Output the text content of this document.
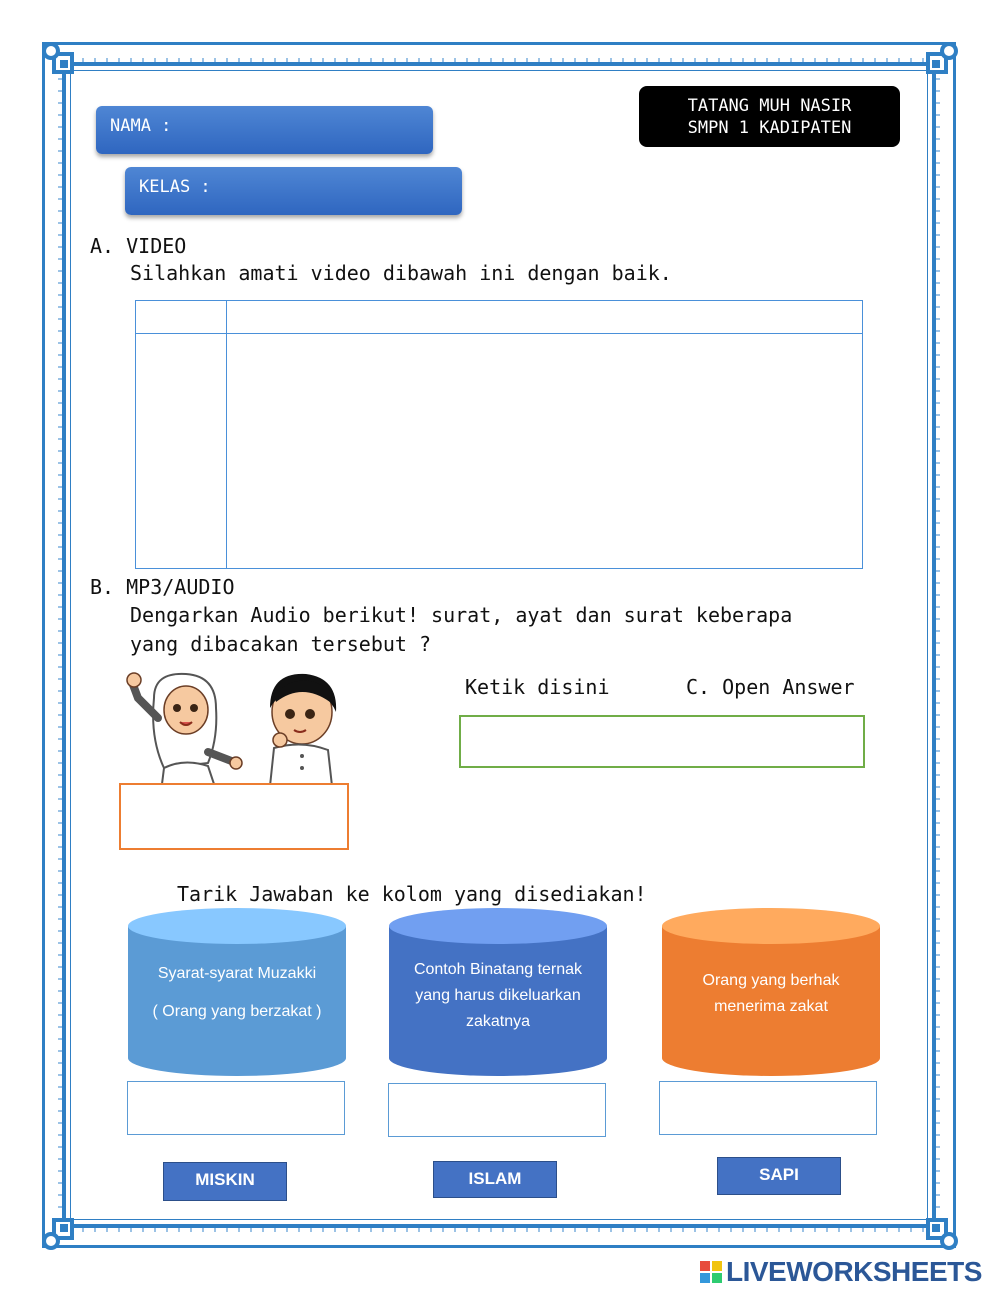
NAMA :
KELAS :
TATANG MUH NASIR
SMPN 1 KADIPATEN
A. VIDEO
Silahkan amati video dibawah ini dengan baik.
B. MP3/AUDIO
Dengarkan Audio berikut! surat, ayat dan surat keberapa
yang dibacakan tersebut ?
Ketik disini	C. Open Answer
Tarik Jawaban ke kolom yang disediakan!
Syarat-syarat Muzakki
( Orang yang berzakat )
Contoh Binatang ternak
yang harus dikeluarkan
zakatnya
Orang yang berhak
menerima zakat
MISKIN	ISLAM	SAPI
LIVEWORKSHEETS
